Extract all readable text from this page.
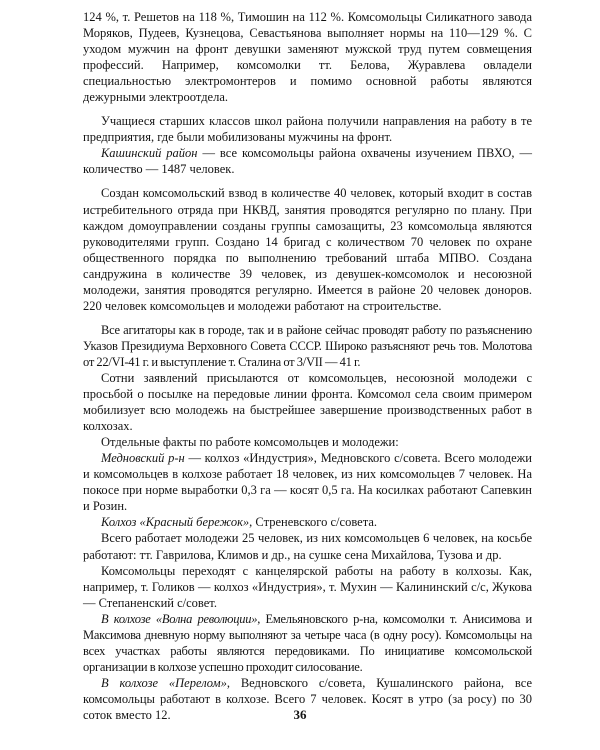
124 %, т. Решетов на 118 %, Тимошин на 112 %. Комсомольцы Силикатного завода Моряков, Пудеев, Кузнецова, Севастьянова выполняет нормы на 110—129 %. С уходом мужчин на фронт девушки заменяют мужской труд путем совмещения профессий. Например, комсомолки тт. Белова, Журавлева овладели специальностью электромонтеров и помимо основной работы являются дежурными электроотдела.

Учащиеся старших классов школ района получили направления на работу в те предприятия, где были мобилизованы мужчины на фронт.

Кашинский район — все комсомольцы района охвачены изучением ПВХО, — количество — 1487 человек.

Создан комсомольский взвод в количестве 40 человек, который входит в состав истребительного отряда при НКВД, занятия проводятся регулярно по плану. При каждом домоуправлении созданы группы самозащиты, 23 комсомольца являются руководителями групп. Создано 14 бригад с количеством 70 человек по охране общественного порядка по выполнению требований штаба МПВО. Создана сандружина в количестве 39 человек, из девушек-комсомолок и несоюзной молодежи, занятия проводятся регулярно. Имеется в районе 20 человек доноров. 220 человек комсомольцев и молодежи работают на строительстве.

Все агитаторы как в городе, так и в районе сейчас проводят работу по разъяснению Указов Президиума Верховного Совета СССР. Широко разъясняют речь тов. Молотова от 22/VI-41 г. и выступление т. Сталина от 3/VII — 41 г.

Сотни заявлений присылаются от комсомольцев, несоюзной молодежи с просьбой о посылке на передовые линии фронта. Комсомол села своим примером мобилизует всю молодежь на быстрейшее завершение производственных работ в колхозах.

Отдельные факты по работе комсомольцев и молодежи:

Медновский р-н — колхоз «Индустрия», Медновского с/совета. Всего молодежи и комсомольцев в колхозе работает 18 человек, из них комсомольцев 7 человек. На покосе при норме выработки 0,3 га — косят 0,5 га. На косилках работают Сапевкин и Розин.

Колхоз «Красный бережок», Стреневского с/совета.

Всего работает молодежи 25 человек, из них комсомольцев 6 человек, на косьбе работают: тт. Гаврилова, Климов и др., на сушке сена Михайлова, Тузова и др.

Комсомольцы переходят с канцелярской работы на работу в колхозы. Как, например, т. Голиков — колхоз «Индустрия», т. Мухин — Калининский с/с, Жукова — Степаненский с/совет.

В колхозе «Волна революции», Емельяновского р-на, комсомолки т. Анисимова и Максимова дневную норму выполняют за четыре часа (в одну росу). Комсомольцы на всех участках работы являются передовиками. По инициативе комсомольской организации в колхозе успешно проходит силосование.

В колхозе «Перелом», Ведновского с/совета, Кушалинского района, все комсомольцы работают в колхозе. Всего 7 человек. Косят в утро (за росу) по 30 соток вместо 12.	36
